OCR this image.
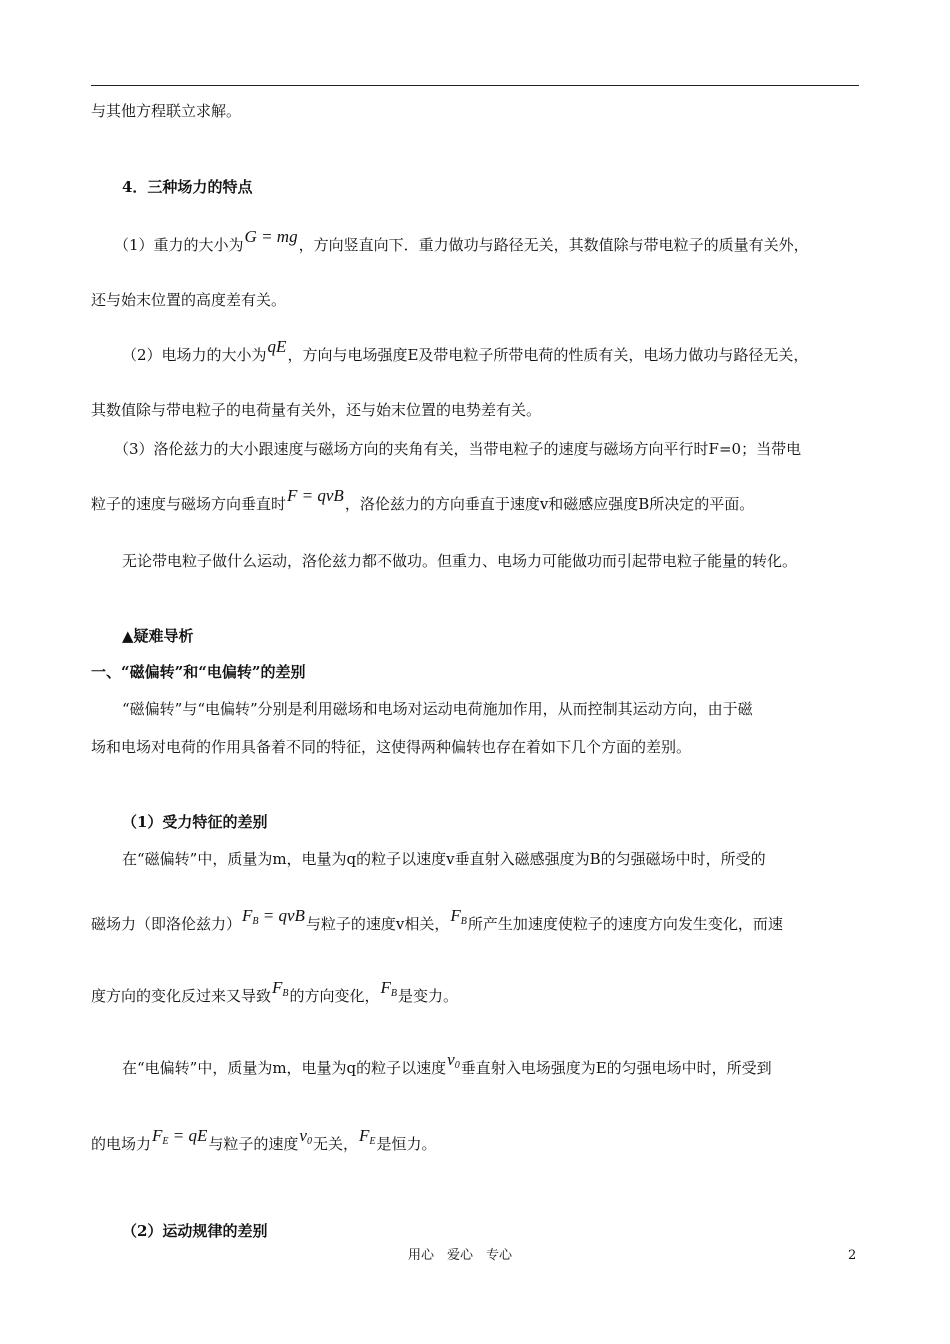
与其他方程联立求解。
4．三种场力的特点
（1）重力的大小为G = mg，方向竖直向下．重力做功与路径无关，其数值除与带电粒子的质量有关外，
还与始末位置的高度差有关。
（2）电场力的大小为qE，方向与电场强度E及带电粒子所带电荷的性质有关，电场力做功与路径无关，
其数值除与带电粒子的电荷量有关外，还与始末位置的电势差有关。
（3）洛伦兹力的大小跟速度与磁场方向的夹角有关，当带电粒子的速度与磁场方向平行时F=0；当带电
粒子的速度与磁场方向垂直时F = qvB，洛伦兹力的方向垂直于速度v和磁感应强度B所决定的平面。
无论带电粒子做什么运动，洛伦兹力都不做功。但重力、电场力可能做功而引起带电粒子能量的转化。
▲疑难导析
一、“磁偏转”和“电偏转”的差别
“磁偏转”与“电偏转”分别是利用磁场和电场对运动电荷施加作用，从而控制其运动方向，由于磁
场和电场对电荷的作用具备着不同的特征，这使得两种偏转也存在着如下几个方面的差别。
（1）受力特征的差别
在“磁偏转”中，质量为m，电量为q的粒子以速度v垂直射入磁感强度为B的匀强磁场中时，所受的
磁场力（即洛伦兹力）$F_B$ = qvB与粒子的速度v相关，$F_B$所产生加速度使粒子的速度方向发生变化，而速
度方向的变化反过来又导致$F_B$的方向变化，$F_B$是变力。
在“电偏转”中，质量为m，电量为q的粒子以速度$v_0$垂直射入电场强度为E的匀强电场中时，所受到
的电场力$F_E$ = qE与粒子的速度$v_0$无关，$F_E$是恒力。
（2）运动规律的差别
用心　爱心　专心	2
